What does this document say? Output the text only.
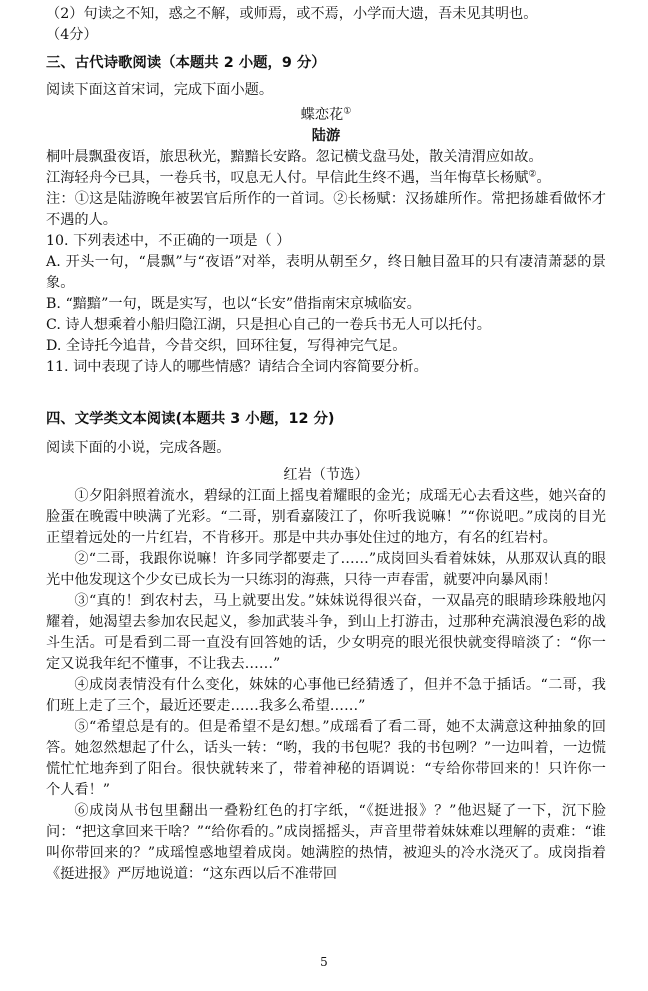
（2）句读之不知，惑之不解，或师焉，或不焉，小学而大遗，吾未见其明也。
（4分）
三、古代诗歌阅读（本题共 2 小题，9 分）
阅读下面这首宋词，完成下面小题。
蝶恋花①
陆游
桐叶晨飘蛩夜语，旅思秋光，黯黯长安路。忽记横戈盘马处，散关清渭应如故。
江海轻舟今已具，一卷兵书，叹息无人付。早信此生终不遇，当年悔草长杨赋②。
注：①这是陆游晚年被罢官后所作的一首词。②长杨赋：汉扬雄所作。常把扬雄看做怀才不遇的人。
10. 下列表述中，不正确的一项是（ ）
A. 开头一句，“晨飘”与“夜语”对举，表明从朝至夕，终日触目盈耳的只有凄清萧瑟的景象。
B. “黯黯”一句，既是实写，也以“长安”借指南宋京城临安。
C. 诗人想乘着小船归隐江湖，只是担心自己的一卷兵书无人可以托付。
D. 全诗托今追昔，今昔交织，回环往复，写得神完气足。
11. 词中表现了诗人的哪些情感？请结合全词内容简要分析。
四、文学类文本阅读(本题共 3 小题，12 分)
阅读下面的小说，完成各题。
红岩（节选）
①夕阳斜照着流水，碧绿的江面上摇曳着耀眼的金光；成瑶无心去看这些，她兴奋的脸蛋在晚霞中映满了光彩。“二哥，别看嘉陵江了，你听我说嘛！”“你说吧。”成岗的目光正望着远处的一片红岩，不肯移开。那是中共办事处住过的地方，有名的红岩村。
②“二哥，我跟你说嘛！许多同学都要走了……”成岗回头看着妹妹，从那双认真的眼光中他发现这个少女已成长为一只练羽的海燕，只待一声春雷，就要冲向暴风雨！
③“真的！到农村去，马上就要出发。”妹妹说得很兴奋，一双晶亮的眼睛珍珠般地闪耀着，她渴望去参加农民起义，参加武装斗争，到山上打游击，过那种充满浪漫色彩的战斗生活。可是看到二哥一直没有回答她的话，少女明亮的眼光很快就变得暗淡了：“你一定又说我年纪不懂事，不让我去……”
④成岗表情没有什么变化，妹妹的心事他已经猜透了，但并不急于插话。“二哥，我们班上走了三个，最近还要走……我多么希望……”
⑤“希望总是有的。但是希望不是幻想。”成瑶看了看二哥，她不太满意这种抽象的回答。她忽然想起了什么，话头一转：“哟，我的书包呢？我的书包咧？”一边叫着，一边慌慌忙忙地奔到了阳台。很快就转来了，带着神秘的语调说：“专给你带回来的！只许你一个人看！”
⑥成岗从书包里翻出一叠粉红色的打字纸，“《挺进报》？”他迟疑了一下，沉下脸问：“把这拿回来干啥？”“给你看的。”成岗摇摇头，声音里带着妹妹难以理解的责难：“谁叫你带回来的？”成瑶惶惑地望着成岗。她满腔的热情，被迎头的冷水浇灭了。成岗指着《挺进报》严厉地说道：“这东西以后不准带回
5
